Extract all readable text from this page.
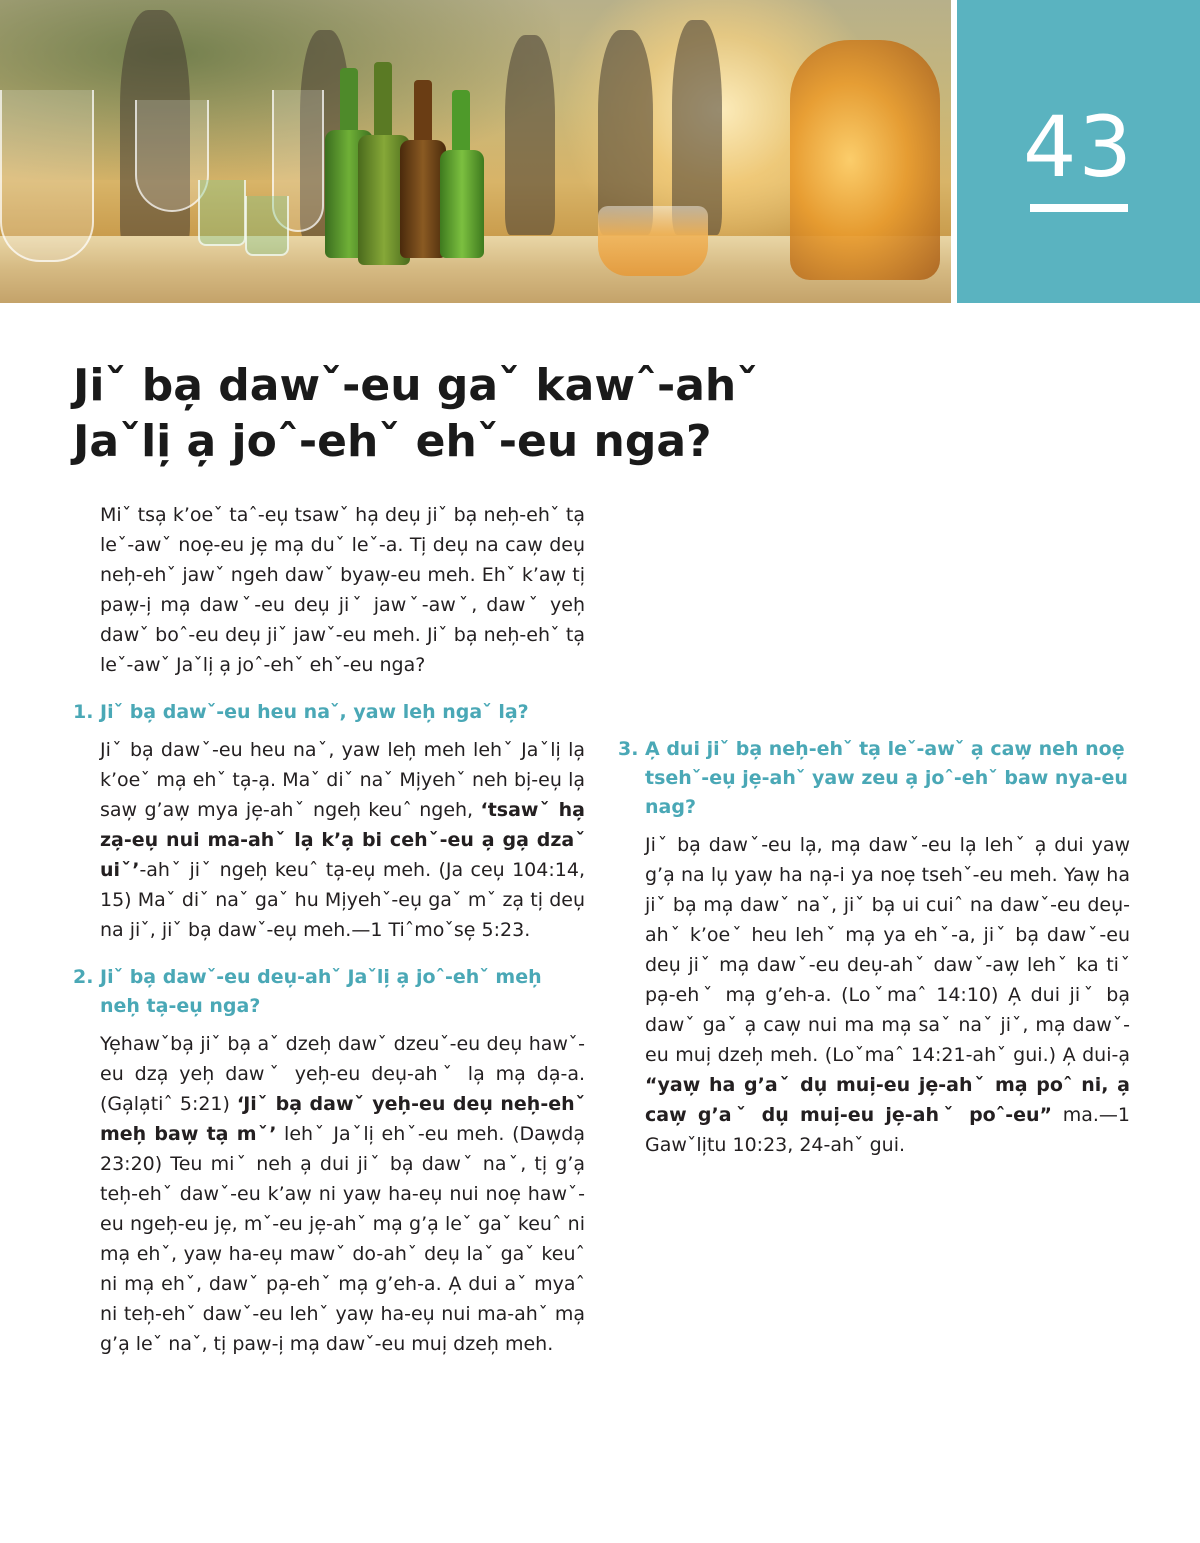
43
Jiˇ ba̦ dawˇ-eu gaˇ kawˆ-ahˇ
Jaˇli̦ a̦ joˆ-ehˇ ehˇ-eu nga?

Miˇ tsa̦ k’oeˇ taˆ-eu̦ tsawˇ ha̦ deu̦ jiˇ ba̦ neh̦-ehˇ ta̦ leˇ-awˇ noe̦-eu je̦ ma̦ duˇ leˇ-a. Ti̦ deu̦ na caw̦ deu̦ neh̦-ehˇ jawˇ ngeh dawˇ byaw̦-eu meh. Ehˇ k’aw̦ ti̦ paw̦-i̦ ma̦ dawˇ-eu deu̦ jiˇ jawˇ-awˇ, dawˇ yeh̦ dawˇ boˆ-eu deu̦ jiˇ jawˇ-eu meh. Jiˇ ba̦ neh̦-ehˇ ta̦ leˇ-awˇ Jaˇli̦ a̦ joˆ-ehˇ ehˇ-eu nga?

1. Jiˇ ba̦ dawˇ-eu heu naˇ, yaw leh̦ ngaˇ la̦?

Jiˇ ba̦ dawˇ-eu heu naˇ, yaw leh̦ meh lehˇ Jaˇli̦ la̦ k’oeˇ ma̦ ehˇ ta̦-a̦. Maˇ diˇ naˇ Mi̦yehˇ neh bi̦-eu̦ la̦ saw̦ g’aw̦ mya je̦-ahˇ ngeh̦ keuˆ ngeh, ‘tsawˇ ha̦ za̦-eu̦ nui ma-ahˇ la̦ k’a̦ bi cehˇ-eu a̦ ga̦ dzaˇ uiˇ’-ahˇ jiˇ ngeh̦ keuˆ ta̦-eu̦ meh. (Ja ceu̦ 104:14, 15) Maˇ diˇ naˇ gaˇ hu Mi̦yehˇ-eu̦ gaˇ mˇ za̦ ti̦ deu̦ na jiˇ, jiˇ ba̦ dawˇ-eu̦ meh.—1 Tiˆmoˇse̦ 5:23.

2. Jiˇ ba̦ dawˇ-eu deu̦-ahˇ Jaˇli̦ a̦ joˆ-ehˇ meh̦ neh̦ ta̦-eu̦ nga?

Ye̦hawˇba̦ jiˇ ba̦ aˇ dzeh̦ dawˇ dzeuˇ-eu deu̦ hawˇ-eu dza̦ yeh̦ dawˇ yeh̦-eu deu̦-ahˇ la̦ ma̦ da̦-a. (Ga̦la̦tiˆ 5:21) ‘Jiˇ ba̦ dawˇ yeh̦-eu deu̦ neh̦-ehˇ meh̦ baw̦ ta̦ mˇ’ lehˇ Jaˇli̦ ehˇ-eu meh. (Daw̦da̦ 23:20) Teu miˇ neh a̦ dui jiˇ ba̦ dawˇ naˇ, ti̦ g’a̦ teh̦-ehˇ dawˇ-eu k’aw̦ ni yaw̦ ha-eu̦ nui noe̦ hawˇ-eu ngeh̦-eu je̦, mˇ-eu je̦-ahˇ ma̦ g’a̦ leˇ gaˇ keuˆ ni ma̦ ehˇ, yaw̦ ha-eu̦ mawˇ do-ahˇ deu̦ laˇ gaˇ keuˆ ni ma̦ ehˇ, dawˇ pa̦-ehˇ ma̦ g’eh-a. A̦ dui aˇ myaˆ ni teh̦-ehˇ dawˇ-eu lehˇ yaw̦ ha-eu̦ nui ma-ahˇ ma̦ g’a̦ leˇ naˇ, ti̦ paw̦-i̦ ma̦ dawˇ-eu mui̦ dzeh̦ meh.

3. A̦ dui jiˇ ba̦ neh̦-ehˇ ta̦ leˇ-awˇ a̦ caw̦ neh noe̦ tsehˇ-eu̦ je̦-ahˇ yaw zeu a̦ joˆ-ehˇ baw nya-eu nag?

Jiˇ ba̦ dawˇ-eu la̦, ma̦ dawˇ-eu la̦ lehˇ a̦ dui yaw̦ g’a̦ na lu̦ yaw̦ ha na̦-i ya noe̦ tsehˇ-eu meh. Yaw̦ ha jiˇ ba̦ ma̦ dawˇ naˇ, jiˇ ba̦ ui cuiˆ na dawˇ-eu deu̦-ahˇ k’oeˇ heu lehˇ ma̦ ya ehˇ-a, jiˇ ba̦ dawˇ-eu deu̦ jiˇ ma̦ dawˇ-eu deu̦-ahˇ dawˇ-aw̦ lehˇ ka tiˇ pa̦-ehˇ ma̦ g’eh-a. (Loˇmaˆ 14:10) A̦ dui jiˇ ba̦ dawˇ gaˇ a̦ caw̦ nui ma ma̦ saˇ naˇ jiˇ, ma̦ dawˇ-eu mui̦ dzeh̦ meh. (Loˇmaˆ 14:21-ahˇ gui.) A̦ dui-a̦ “yaw̦ ha g’aˇ du̦ mui̦-eu je̦-ahˇ ma̦ poˆ ni, a̦ caw̦ g’aˇ du̦ mui̦-eu je̦-ahˇ poˆ-eu” ma.—1 Gawˇli̦tu 10:23, 24-ahˇ gui.
